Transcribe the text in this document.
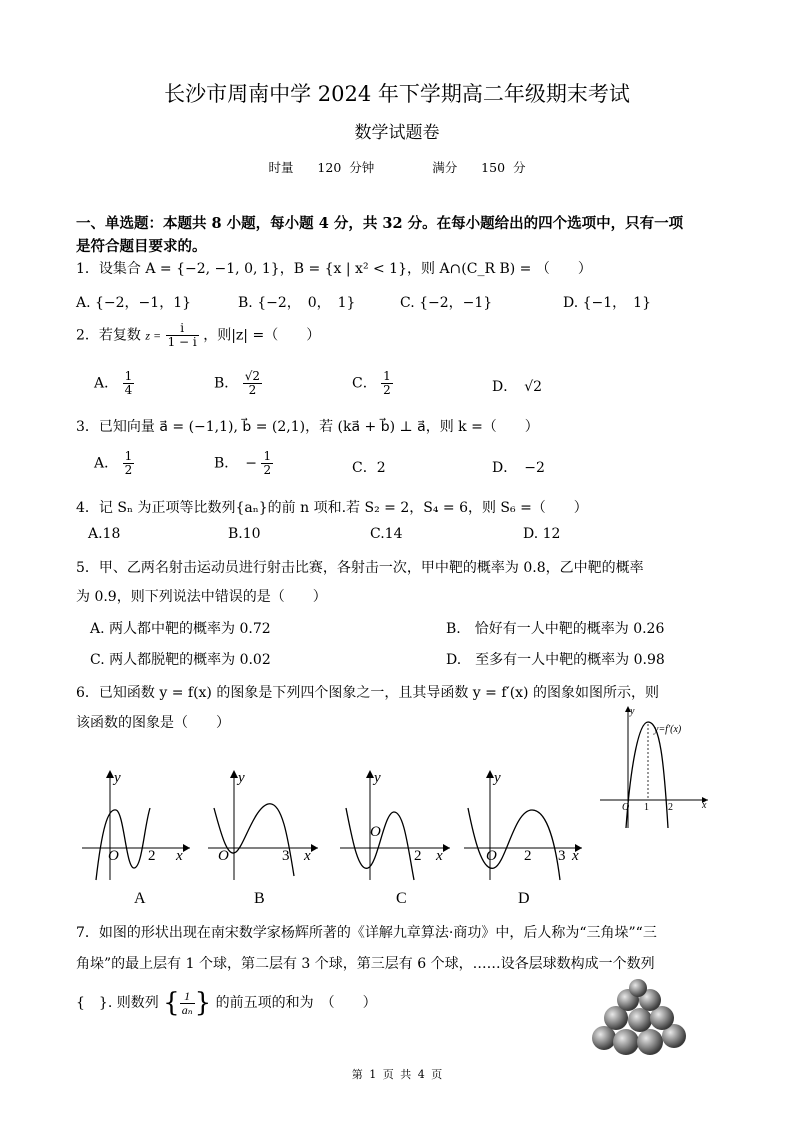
长沙市周南中学 2024 年下学期高二年级期末考试
数学试题卷
时量 120 分钟	满分 150 分
一、单选题：本题共 8 小题，每小题 4 分，共 32 分。在每小题给出的四个选项中，只有一项
是符合题目要求的。
1．设集合 A = {−2, −1, 0, 1}，B = {x | x² < 1}，则 A∩(C_R B) = （　　）
A. {−2，−1，1}	B. {−2，　0，　1}	C. {−2，−1}	D. {−1，　1}
2．若复数 $z = \frac{i}{1 - i}$ ，则|z| =（　　）
A． $\frac{1}{4}$	B． $\frac{√2}{2}$	C． $\frac{1}{2}$	D．　√2
3．已知向量 a⃗ = (−1,1), b⃗ = (2,1)，若 (ka⃗ + b⃗) ⊥ a⃗，则 k =（　　）
A． $\frac{1}{2}$	B．　− $\frac{1}{2}$	C．2	D．　−2
4．记 Sₙ 为正项等比数列{aₙ}的前 n 项和.若 S₂ = 2，S₄ = 6，则 S₆ =（　　）
A.18	B.10	C.14	D. 12
5．甲、乙两名射击运动员进行射击比赛，各射击一次，甲中靶的概率为 0.8，乙中靶的概率
为 0.9，则下列说法中错误的是（　　）
A. 两人都中靶的概率为 0.72	B.　恰好有一人中靶的概率为 0.26
C. 两人都脱靶的概率为 0.02	D.　至多有一人中靶的概率为 0.98
6．已知函数 y = f(x) 的图象是下列四个图象之一，且其导函数 y = f′(x) 的图象如图所示，则
该函数的图象是（　　）
x
y
O 1 2
y=f′(x)
y
x
O 2
A
y
x
O	3
B
y
x
O
2
C
y
x
O 2 3
D
7．如图的形状出现在南宋数学家杨辉所著的《详解九章算法·商功》中，后人称为“三角垛”“三
角垛”的最上层有 1 个球，第二层有 3 个球，第三层有 6 个球，……设各层球数构成一个数列
{　}. 则数列 { $\frac{1}{\text{aₙ}}$ } 的前五项的和为　（　　）
第 1 页 共 4 页
